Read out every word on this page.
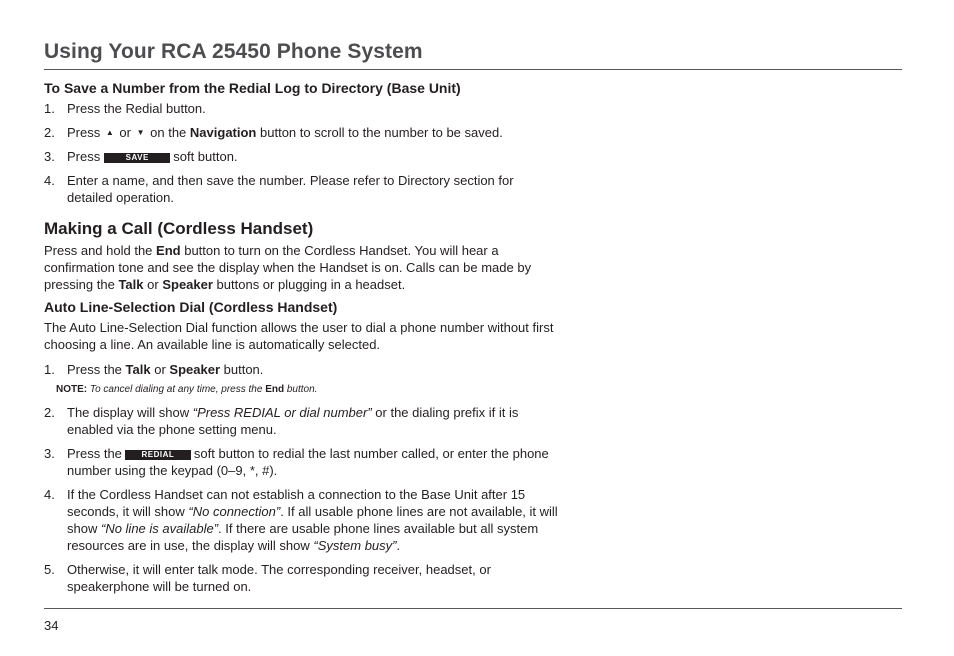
Using Your RCA 25450 Phone System
To Save a Number from the Redial Log to Directory (Base Unit)
1. Press the Redial button.
2. Press ▲ or ▼ on the Navigation button to scroll to the number to be saved.
3. Press	SAVE soft button.
4. Enter a name, and then save the number. Please refer to Directory section for detailed operation.
Making a Call (Cordless Handset)

Press and hold the End button to turn on the Cordless Handset. You will hear a confirmation tone and see the display when the Handset is on. Calls can be made by pressing the Talk or Speaker buttons or plugging in a headset.

Auto Line-Selection Dial (Cordless Handset)

The Auto Line-Selection Dial function allows the user to dial a phone number without first choosing a line. An available line is automatically selected.

1. Press the Talk or Speaker button.
NOTE: To cancel dialing at any time, press the End button.
2. The display will show “Press REDIAL or dial number” or the dialing prefix if it is enabled via the phone setting menu.
3. Press the REDIAL soft button to redial the last number called, or enter the phone number using the keypad (0–9, *, #).
4. If the Cordless Handset can not establish a connection to the Base Unit after 15 seconds, it will show “No connection”. If all usable phone lines are not available, it will show “No line is available”. If there are usable phone lines available but all system resources are in use, the display will show “System busy”.
5. Otherwise, it will enter talk mode. The corresponding receiver, headset, or speakerphone will be turned on.
34
